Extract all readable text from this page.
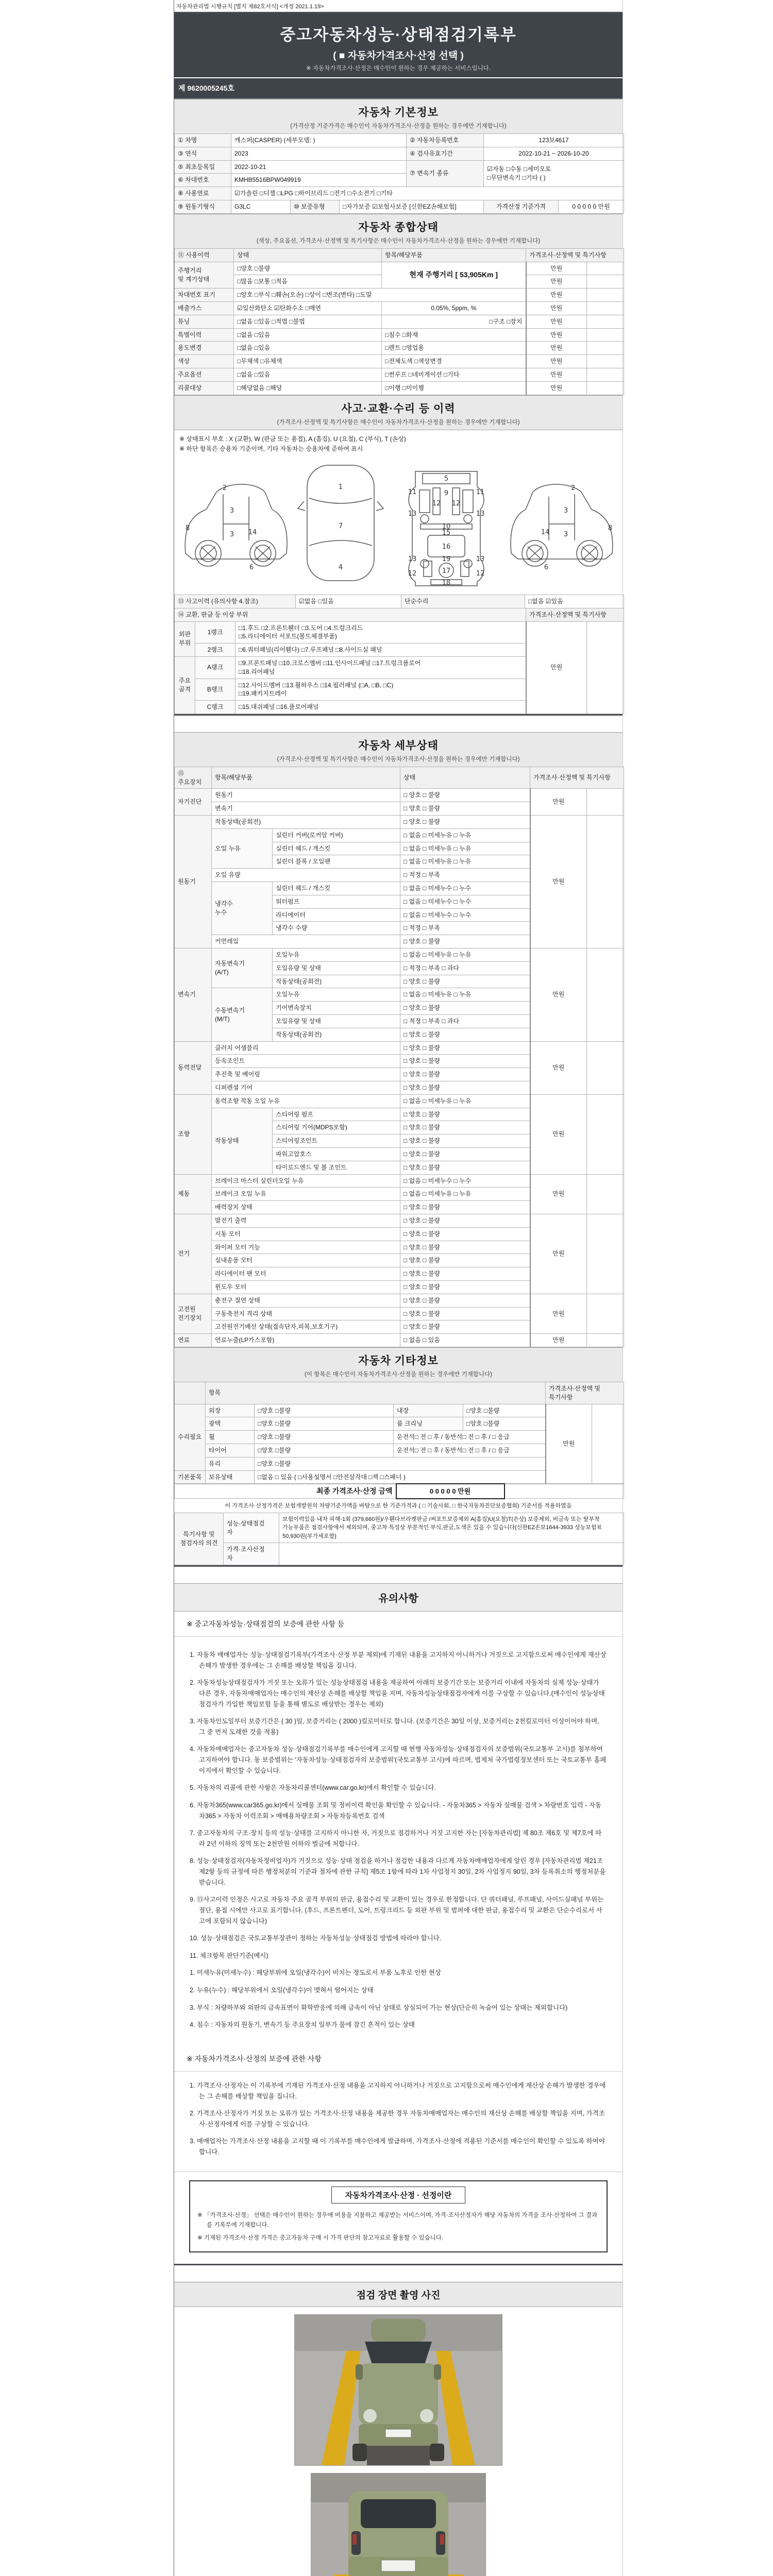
자동차관리법 시행규칙 [별지 제82호서식] <개정 2021.1.19>
중고자동차성능·상태점검기록부
( ■ 자동차가격조사·산정 선택 )
※ 자동차가격조사·산정은 매수인이 원하는 경우 제공하는 서비스입니다.
제 9620005245호
자동차 기본정보
(가격산정 기준가격은 매수인이 자동차가격조사·산정을 원하는 경우에만 기재합니다)
① 차명	캐스퍼(CASPER) (세부모델: )	② 자동차등록번호	123보4617
③ 연식	2023	④ 검사유효기간	2022-10-21 ~ 2026-10-20
⑤ 최초등록일	2022-10-21	⑦ 변속기 종류	☑자동 □수동 □세미오토
□무단변속기 □기타 ( )
⑥ 차대번호	KMHB5516BPW049919		
⑧ 사용연료	☑가솔린 □디젤 □LPG □하이브리드 □전기 □수소전기 □기타		
⑨ 원동기형식	G3LC	⑩ 보증유형	□자가보증 ☑보험사보증 [신한EZ손해보험]	가격산정 기준가격	0 0 0 0 0 만원
자동차 종합상태
(색상, 주요옵션, 가격조사·산정액 및 특기사항은 매수인이 자동차가격조사·산정을 원하는 경우에만 기재합니다)
⑪ 사용이력	상태	항목/해당부품	가격조사·산정액 및 특기사항	
주행거리
및 계기상태	□양호 □불량	현재 주행거리 [ 53,905Km ]	만원	
	□많음 □보통 □적음		만원	
차대번호 표기	□양호 □부식 □훼손(오손) □상이 □변조(변타) □도말		만원	
배출가스	☑일산화탄소 ☑탄화수소 □매연	0.05%, 5ppm, %	만원	
튜닝	□없음 □있음 □적법 □불법	□구조 □장치	만원	
특별이력	□없음 □있음	□침수 □화재	만원	
용도변경	□없음 □있음	□렌트 □영업용	만원	
색상	□무채색 □유채색	□전체도색 □색상변경	만원	
주요옵션	□없음 □있음	□썬루프 □네비게이션 □기타	만원	
리콜대상	□해당없음 □해당	□이행 □미이행	만원	
사고·교환·수리 등 이력
(가격조사·산정액 및 특기사항은 매수인이 자동차가격조사·산정을 원하는 경우에만 기재합니다)
※ 상태표시 부호 : X (교환), W (판금 또는 용접), A (흠집), U (요철), C (부식), T (손상)
※ 하단 항목은 승용차 기준이며, 기타 자동차는 승용차에 준하여 표시
2
8
3
3 14
6
1
7
4
5
9
11	11
13	13
12 12
10
15
16
13	13
19
12	12
17
18
2
8
3
3
14
6
⑬ 사고이력 (유의사항 4.참조)	☑없음 □있음	단순수리	□없음 ☑있음
⑭ 교환, 판금 등 이상 부위			가격조사·산정액 및 특기사항	
외판
부위	1랭크	□1.후드 □2.프론트휀더 □3.도어 □4.트렁크리드
□5.라디에이터 서포트(볼트체결부품)	만원	
	2랭크	□6.쿼터패널(리어휀다) □7.루프패널 □8.사이드실 패널		
주요
골격	A랭크	□9.프론트패널 □10.크로스멤버 □11.인사이드패널 □17.트렁크플로어
□18.리어패널		
	B랭크	□12.사이드멤버 □13.휠하우스 □14.필러패널 (□A, □B, □C)
□19.패키지트레이		
	C랭크	□15.대쉬패널 □16.플로어패널		
자동차 세부상태
(가격조사·산정액 및 특기사항은 매수인이 자동차가격조사·산정을 원하는 경우에만 기재합니다)
⑮ 주요장치	항목/해당부품		상태	가격조사·산정액 및 특기사항	
자기진단	원동기		□ 양호 □ 불량	만원	
	변속기		□ 양호 □ 불량		
원동기	작동상태(공회전)		□ 양호 □ 불량	만원	
	오일 누유	실린더 커버(로커암 커버)	□ 없음 □ 미세누유 □ 누유		
		실린더 헤드 / 개스킷	□ 없음 □ 미세누유 □ 누유		
		실린더 블록 / 오일팬	□ 없음 □ 미세누유 □ 누유		
	오일 유량		□ 적정 □ 부족		
	냉각수
누수	실린더 헤드 / 개스킷	□ 없음 □ 미세누수 □ 누수		
		워터펌프	□ 없음 □ 미세누수 □ 누수		
		라디에이터	□ 없음 □ 미세누수 □ 누수		
		냉각수 수량	□ 적정 □ 부족		
	커먼레일		□ 양호 □ 불량		
변속기	자동변속기
(A/T)	오일누유	□ 없음 □ 미세누유 □ 누유	만원	
		오일유량 및 상태	□ 적정 □ 부족 □ 과다		
		작동상태(공회전)	□ 양호 □ 불량		
	수동변속기
(M/T)	오일누유	□ 없음 □ 미세누유 □ 누유		
		기어변속장치	□ 양호 □ 불량		
		오일유량 및 상태	□ 적정 □ 부족 □ 과다		
		작동상태(공회전)	□ 양호 □ 불량		
동력전달	클러치 어셈블리		□ 양호 □ 불량	만원	
	등속조인트		□ 양호 □ 불량		
	추진축 및 베어링		□ 양호 □ 불량		
	디퍼렌셜 기어		□ 양호 □ 불량		
조향	동력조향 작동 오일 누유		□ 없음 □ 미세누유 □ 누유	만원	
	작동상태	스티어링 펌프	□ 양호 □ 불량		
		스티어링 기어(MDPS포함)	□ 양호 □ 불량		
		스티어링조인트	□ 양호 □ 불량		
		파워고압호스	□ 양호 □ 불량		
		타이로드엔드 및 볼 조인트	□ 양호 □ 불량		
제동	브레이크 마스터 실린더오일 누유		□ 없음 □ 미세누수 □ 누수	만원	
	브레이크 오일 누유		□ 없음 □ 미세누유 □ 누유		
	배력장치 상태		□ 양호 □ 불량		
전기	발전기 출력		□ 양호 □ 불량	만원	
	시동 모터		□ 양호 □ 불량		
	와이퍼 모터 기능		□ 양호 □ 불량		
	실내송풍 모터		□ 양호 □ 불량		
	라디에이터 팬 모터		□ 양호 □ 불량		
	윈도우 모터		□ 양호 □ 불량		
고전원
전기장치	충전구 절연 상태		□ 양호 □ 불량	만원	
	구동축전지 격리 상태		□ 양호 □ 불량		
	고전원전기배선 상태(접속단자,피복,보호기구)		□ 양호 □ 불량		
연료	연료누출(LP가스포함)		□ 없음 □ 있음	만원	
자동차 기타정보
(이 항목은 매수인이 자동차가격조사·산정을 원하는 경우에만 기재합니다)
	항목				가격조사·산정액 및 특기사항	
수리필요	외장	□양호 □불량	내장	□양호 □불량	만원	
	광택	□양호 □불량	룸 크리닝	□양호 □불량		
	휠	□양호 □불량	운전석□ 전 □ 후 / 동반석□ 전 □ 후 / □ 응급			
	타이어	□양호 □불량	운전석□ 전 □ 후 / 동반석□ 전 □ 후 / □ 응급			
	유리	□양호 □불량				
기본품목	보유상태	□없음 □ 있음 ( □사용설명서 □안전삼각대 □잭 □스패너 )				
최종 가격조사·산정 금액	0 0 0 0 0 만원	
이 가격조사·산정가격은 보험개발원의 차량기준가액을 바탕으로 한 기준가격과 ( □ 기술사회, □ 한국자동차진단보증협회) 기준서를 적용하였음
특기사항 및
점검자의 의견	성능·상태점검
자	보험이력있음 내차 피해-1회 (379,660원)/우휀다브라켓판금 /써포트보증제외 A(흠집)U(요철)T(손상) 보증제외, 비금속 또는 탈부착 가능부품은 점검사항에서 제외되며, 중고차 특성상 부분적인 부식,판금,도색은 있을 수 있습니다(신한EZ손보1644-3933 성능보험료 50,930원(부가세포함)
	가격·조사산정
자	
유의사항
※ 중고자동차성능·상태점검의 보증에 관한 사항 등
1. 자동차 매매업자는 성능·상태점검기록부(가격조사·산정 부분 제외)에 기재된 내용을 고지하지 아니하거나 거짓으로 고지함으로써 매수인에게 재산상 손해가 발생한 경우에는 그 손해를 배상할 책임을 집니다.
2. 자동차성능상태점검자가 거짓 또는 오류가 있는 성능상태점검 내용을 제공하여 아래의 보증기간 또는 보증거리 이내에 자동차의 실제 성능·상태가 다른 경우, 자동차매매업자는 매수인의 재산상 손해를 배상할 책임을 지며, 자동차성능상태점검자에게 이를 구상할 수 있습니다.(매수인이 성능상태점검자가 가입한 책임보험 등을 통해 별도로 배상받는 경우는 제외)
3. 자동차인도일부터 보증기간은 ( 30 )일, 보증거리는 ( 2000 )킬로미터로 합니다. (보증기간은 30일 이상, 보증거리는 2천킬로미터 이상이어야 하며, 그 중 먼저 도래한 것을 적용)
4. 자동차매매업자는 중고자동차 성능·상태점검기록부를 매수인에게 고지할 때 현행 자동차성능·상태점검자의 보증범위(국토교통부 고시)를 첨부하여 고지하여야 합니다. 동 보증범위는 '자동차성능·상태점검자의 보증범위'(국토교통부 고시)에 따르며, 법제처 국가법령정보센터 또는 국토교통부 홈페이지에서 확인할 수 있습니다.
5. 자동차의 리콜에 관한 사항은 자동차리콜센터(www.car.go.kr)에서 확인할 수 있습니다.
6. 자동차365(www.car365.go.kr)에서 실매물 조회 및 정비이력 확인을 확인할 수 있습니다. - 자동차365 > 자동차 실매물 검색 > 차량번호 입력 - 자동차365 > 자동차 이력조회 > 매매용차량조회 > 자동차등록번호 검색
7. 중고자동차의 구조·장치 등의 성능·상태를 고지하지 아니한 자, 거짓으로 점검하거나 거짓 고지한 자는 [자동차관리법] 제 80조 제6호 및 제7호에 따라 2년 이하의 징역 또는 2천만원 이하의 벌금에 처합니다.
8. 성능·상태점검자(자동차정비업자)가 거짓으로 성능·상태 점검을 하거나 점검한 내용과 다르게 자동차매매업자에게 알린 경우 [자동차관리법 제21조 제2항 등의 규정에 따른 행정처분의 기준과 절차에 관한 규칙] 제5조 1항에 따라 1차 사업정지 30일, 2차 사업정지 90일, 3차 등록취소의 행정처분을 받습니다.
9. ⑬사고이력 인정은 사고로 자동차 주요 골격 부위의 판금, 용접수리 및 교환이 있는 경우로 한정합니다. 단 쿼터패널, 루프패널, 사이드실패널 부위는 절단, 용접 시에만 사고로 표기합니다. (후드, 프론트펜더, 도어, 트렁크리드 등 외판 부위 및 범퍼에 대한 판금, 용접수리 및 교환은 단순수리로서 사고에 포함되지 않습니다)
10. 성능·상태점검은 국토교통부장관이 정하는 자동차성능·상태점검 방법에 따라야 합니다.
11. 체크항목 판단기준(예시)
1. 미세누유(미세누수) : 해당부위에 오일(냉각수)이 비치는 정도로서 부품 노후로 인한 현상
2. 누유(누수) : 해당부위에서 오일(냉각수)이 맺혀서 떨어지는 상태
3. 부식 : 차량하부와 외판의 금속표면이 화학반응에 의해 금속이 아닌 상태로 상실되어 가는 현상(단순히 녹슬어 있는 상태는 제외합니다)
4. 침수 : 자동차의 원동기, 변속기 등 주요장치 일부가 물에 잠긴 흔적이 있는 상태
※ 자동차가격조사·산정의 보증에 관한 사항
1. 가격조사·산정자는 이 기록부에 기재된 가격조사·산정 내용을 고지하지 아니하거나 거짓으로 고지함으로써 매수인에게 재산상 손해가 발생한 경우에는 그 손해를 배상할 책임을 집니다.
2. 가격조사·산정자가 거짓 또는 오류가 있는 가격조사·산정 내용을 제공한 경우 자동차매매업자는 매수인의 재산상 손해를 배상할 책임을 지며, 가격조사·산정자에게 이를 구상할 수 있습니다.
3. 매매업자는 가격조사·산정 내용을 고지할 때 이 기록부를 매수인에게 발급하며, 가격조사·산정에 적용된 기준서를 매수인이 확인할 수 있도록 하여야 합니다.
자동차가격조사·산정 · 선정이란
※ 「가격조사·산정」 선택은 매수인이 원하는 경우에 비용을 지불하고 제공받는 서비스이며, 가격·조사산정자가 해당 자동차의 가격을 조사·산정하여 그 결과를 기록부에 기재합니다.
※ 기재된 가격조사·산정 가격은 중고자동차 구매 시 가격 판단의 참고자료로 활용할 수 있습니다.
점검 장면 촬영 사진
